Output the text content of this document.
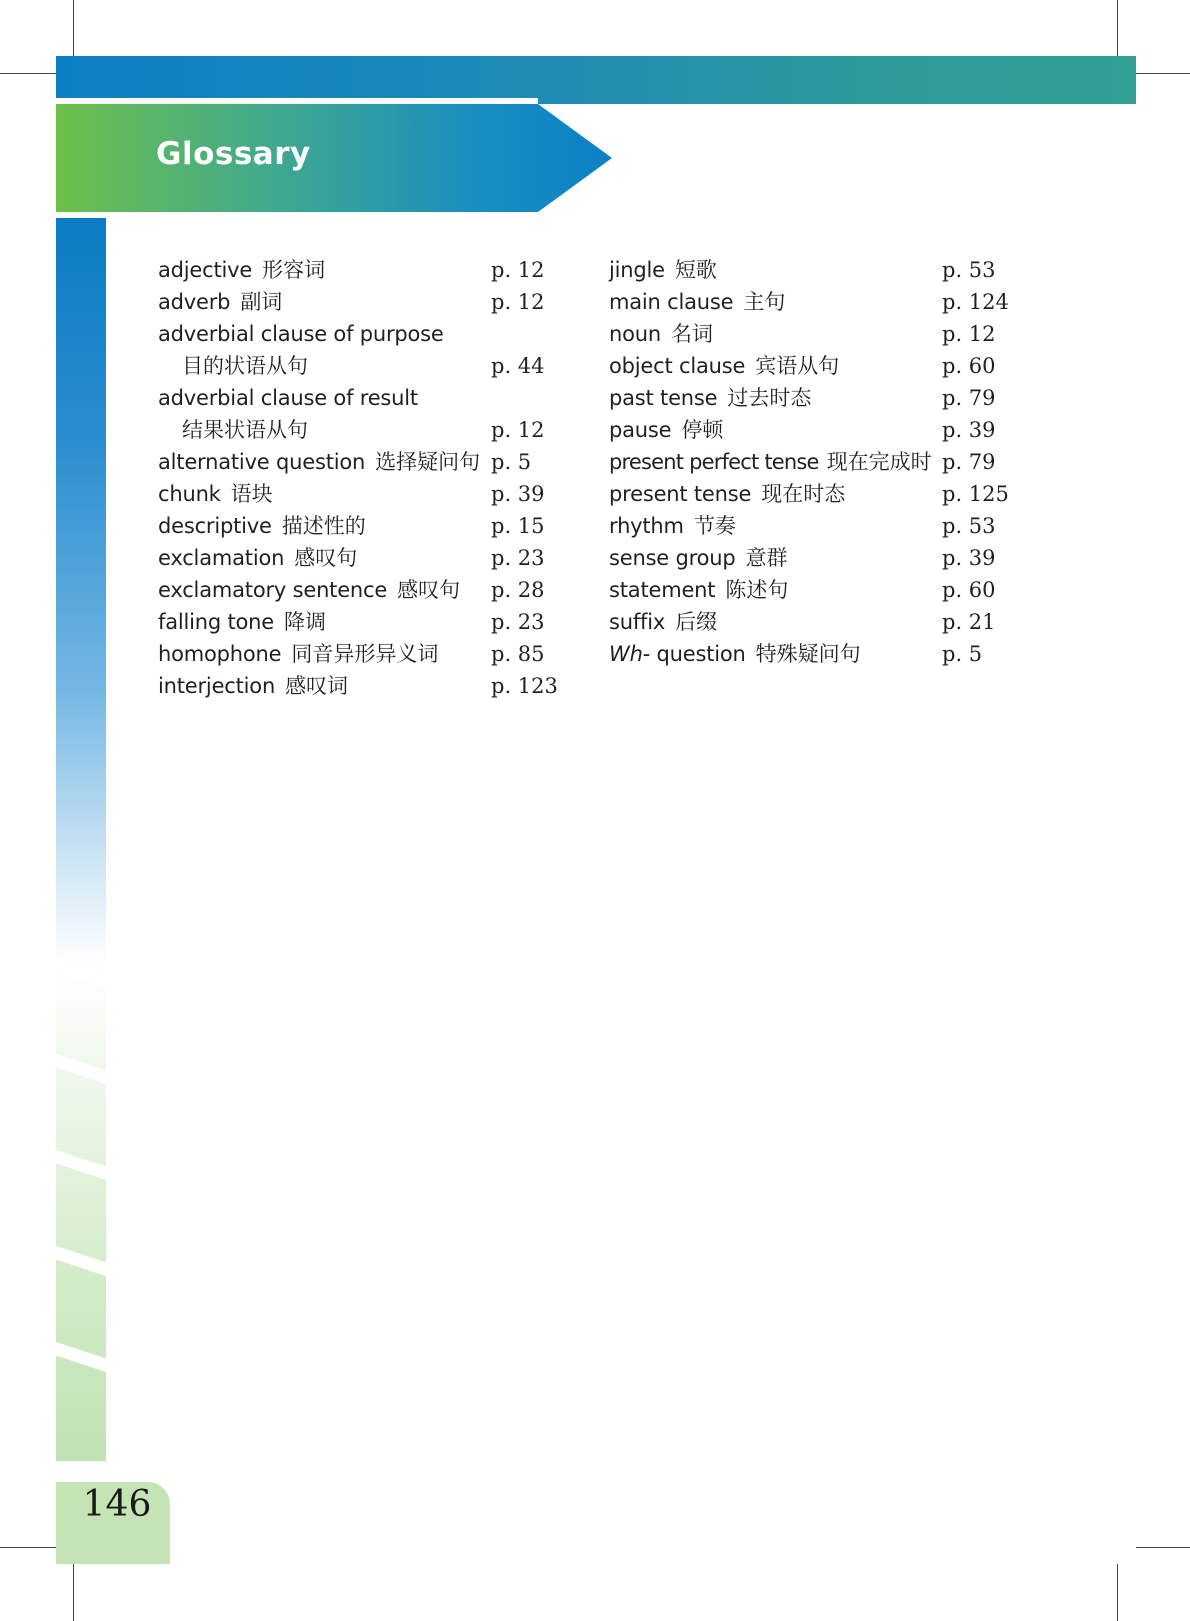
Glossary
146
adjective 形容词	p. 12
adverb 副词	p. 12
adverbial clause of purpose
目的状语从句	p. 44
adverbial clause of result
结果状语从句	p. 12
alternative question 选择疑问句 p. 5
chunk 语块	p. 39
descriptive 描述性的	p. 15
exclamation 感叹句	p. 23
exclamatory sentence 感叹句 p. 28
falling tone 降调	p. 23
homophone 同音异形异义词	p. 85
interjection 感叹词	p. 123
jingle 短歌	p. 53
main clause 主句	p. 124
noun 名词	p. 12
object clause 宾语从句	p. 60
past tense 过去时态	p. 79
pause 停顿	p. 39
present perfect tense 现在完成时 p. 79
present tense 现在时态	p. 125
rhythm 节奏	p. 53
sense group 意群	p. 39
statement 陈述句	p. 60
suffix 后缀	p. 21
Wh- question 特殊疑问句	p. 5
